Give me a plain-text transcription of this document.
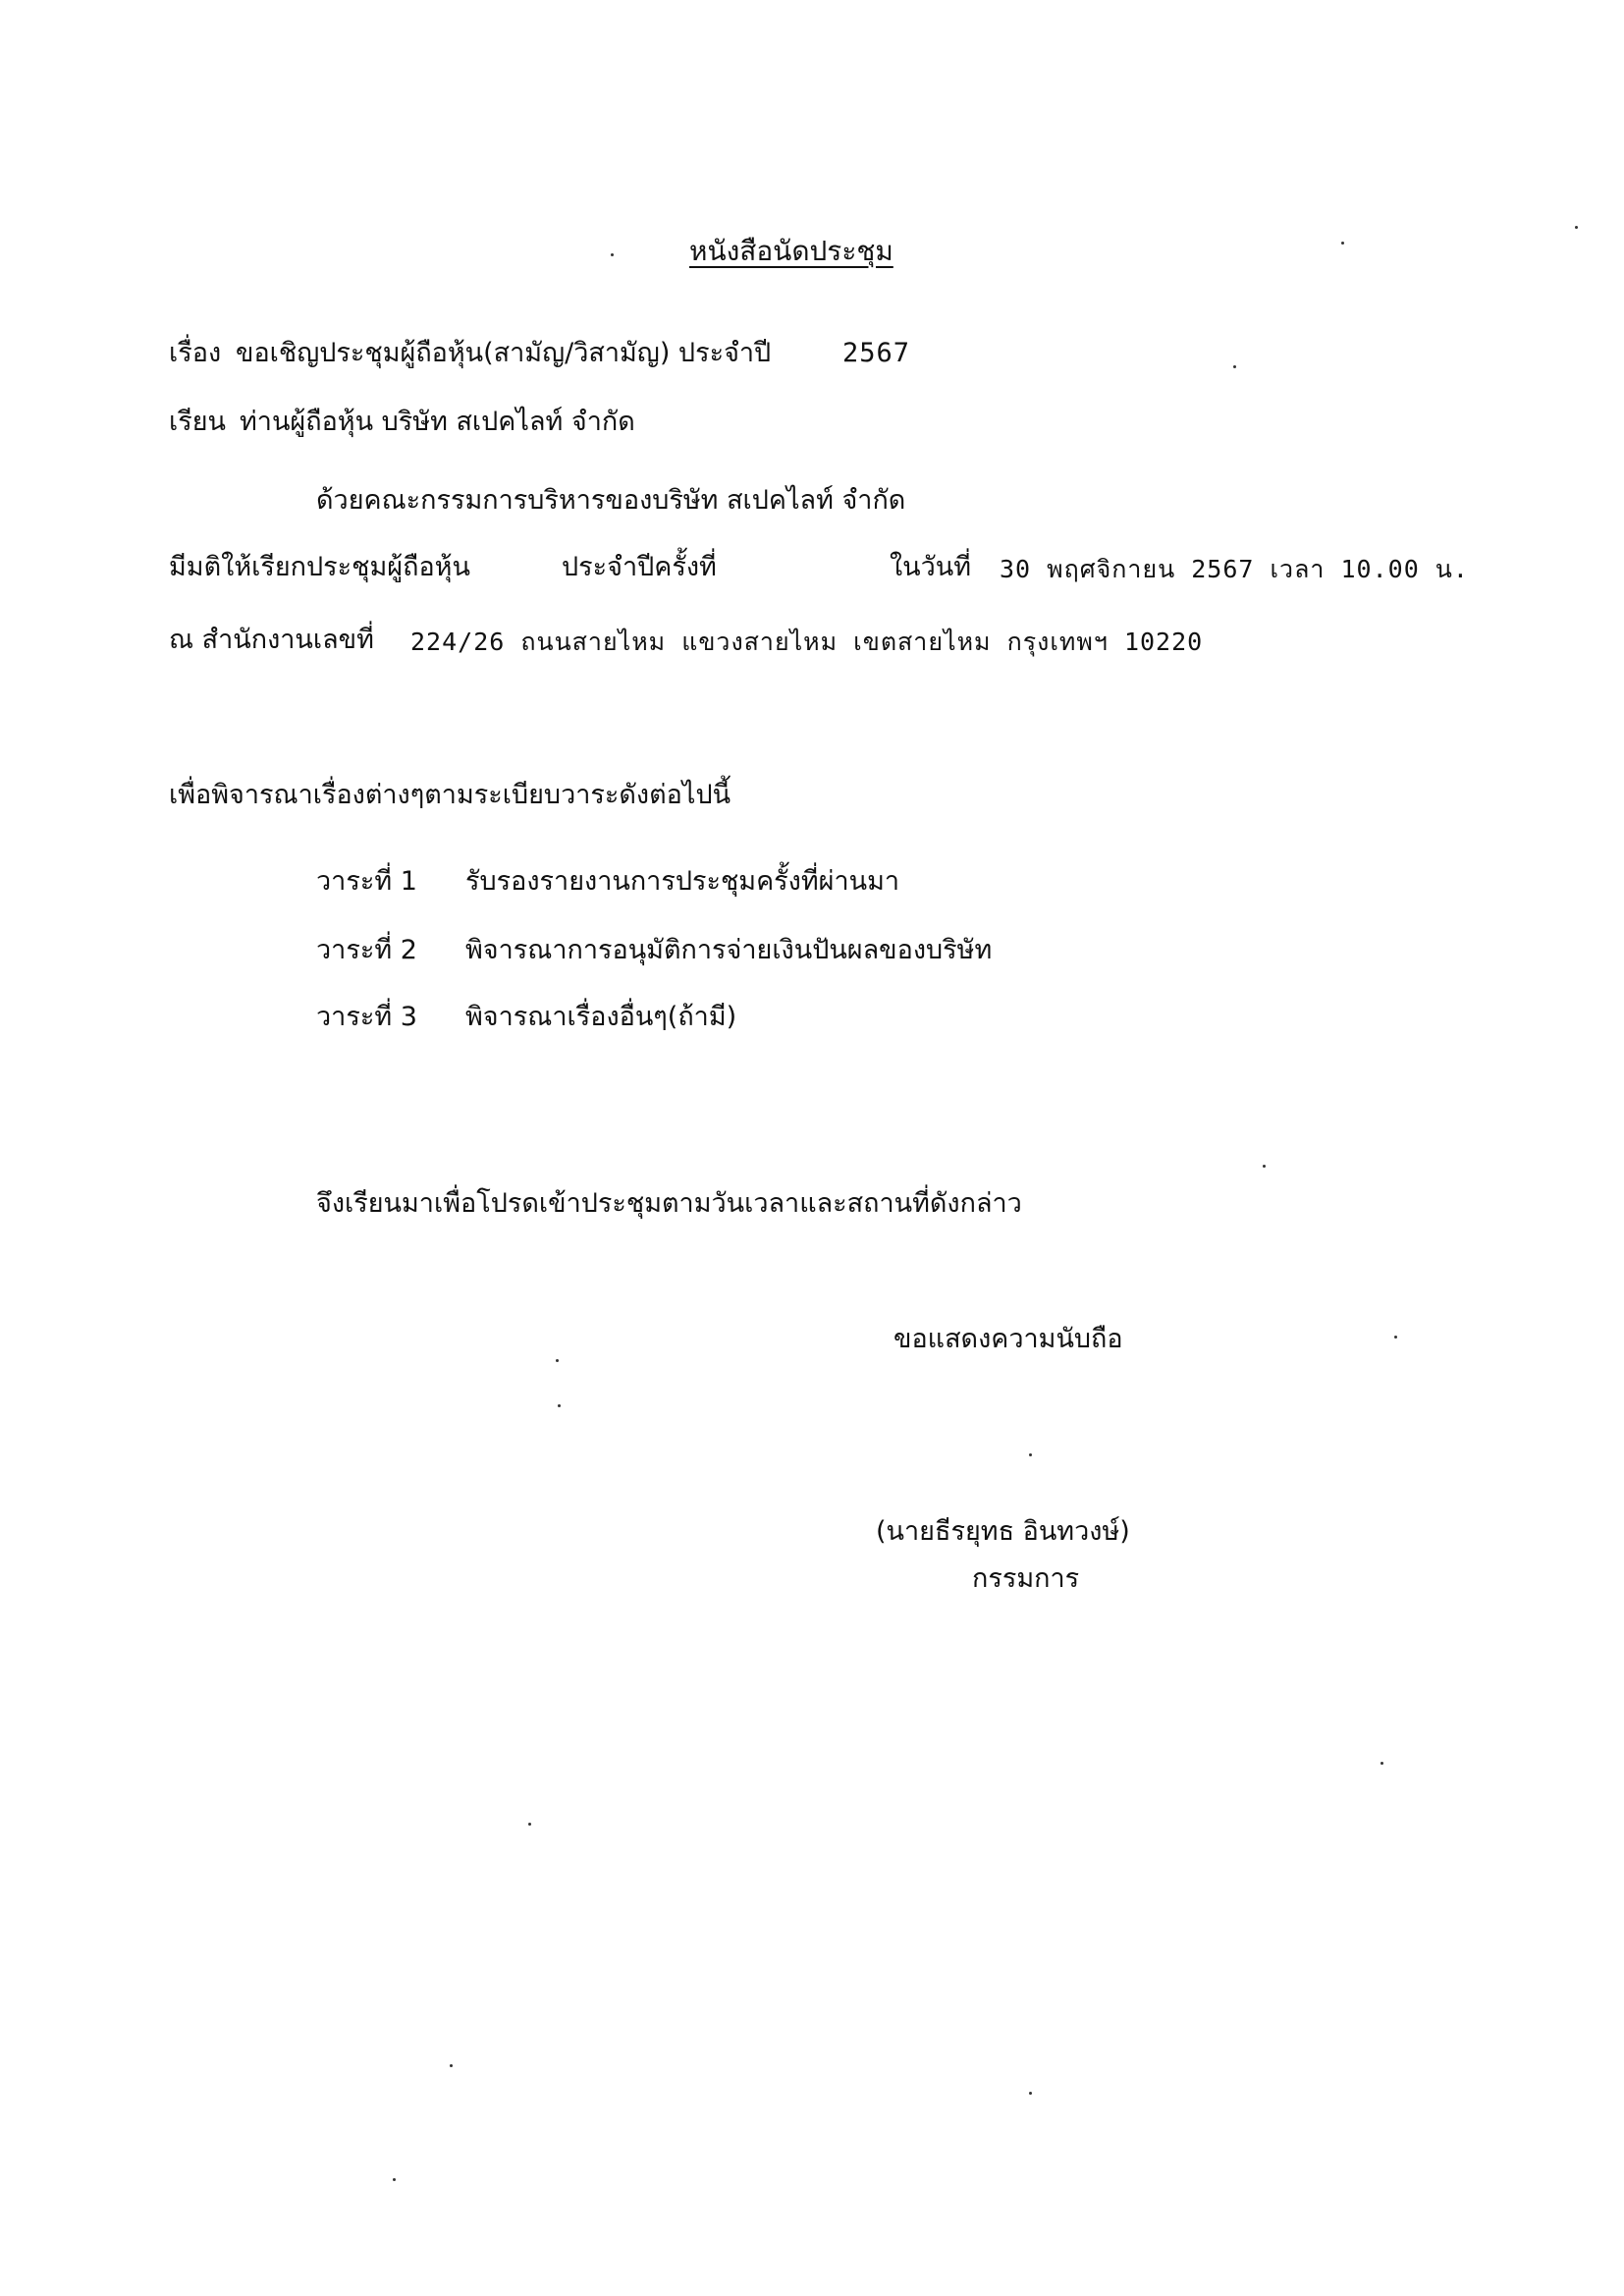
หนังสือนัดประชุม
เรื่อง ขอเชิญประชุมผู้ถือหุ้น(สามัญ/วิสามัญ) ประจำปี	2567
เรียน ท่านผู้ถือหุ้น บริษัท สเปคไลท์ จำกัด
ด้วยคณะกรรมการบริหารของบริษัท สเปคไลท์ จำกัด
มีมติให้เรียกประชุมผู้ถือหุ้น	ประจำปีครั้งที่	ในวันที่ 30 พฤศจิกายน 2567 เวลา 10.00 น.
ณ สำนักงานเลขที่ 224/26 ถนนสายไหม แขวงสายไหม เขตสายไหม กรุงเทพฯ 10220
เพื่อพิจารณาเรื่องต่างๆตามระเบียบวาระดังต่อไปนี้
วาระที่ 1 รับรองรายงานการประชุมครั้งที่ผ่านมา
วาระที่ 2 พิจารณาการอนุมัติการจ่ายเงินปันผลของบริษัท
วาระที่ 3 พิจารณาเรื่องอื่นๆ(ถ้ามี)
จึงเรียนมาเพื่อโปรดเข้าประชุมตามวันเวลาและสถานที่ดังกล่าว
ขอแสดงความนับถือ
(นายธีรยุทธ อินทวงษ์)
กรรมการ
